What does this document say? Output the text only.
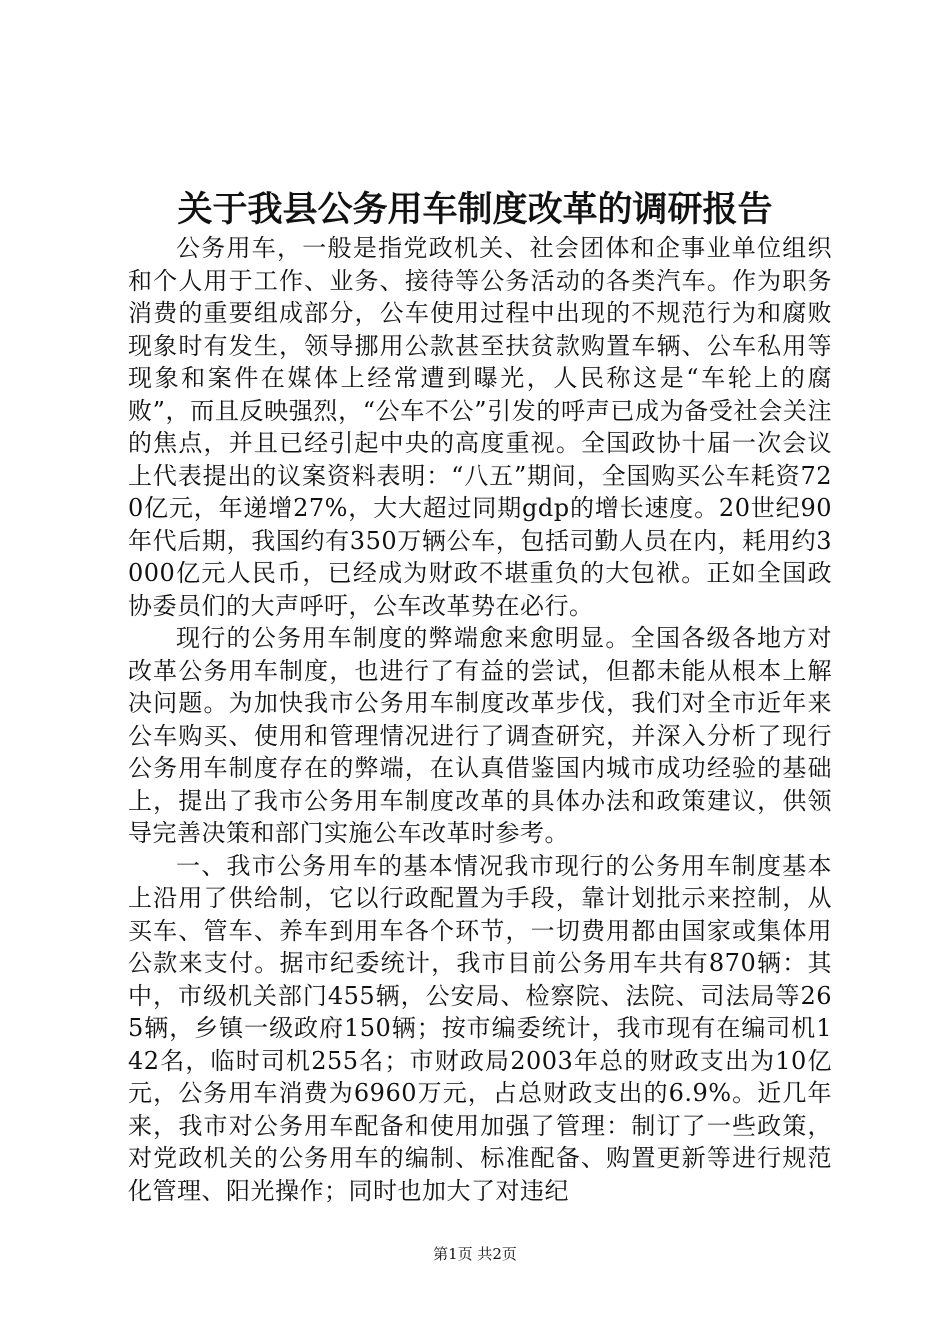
关于我县公务用车制度改革的调研报告

公务用车，一般是指党政机关、社会团体和企事业单位组织和个人用于工作、业务、接待等公务活动的各类汽车。作为职务消费的重要组成部分，公车使用过程中出现的不规范行为和腐败现象时有发生，领导挪用公款甚至扶贫款购置车辆、公车私用等现象和案件在媒体上经常遭到曝光，人民称这是“车轮上的腐败”，而且反映强烈，“公车不公”引发的呼声已成为备受社会关注的焦点，并且已经引起中央的高度重视。全国政协十届一次会议上代表提出的议案资料表明：“八五”期间，全国购买公车耗资720亿元，年递增27%，大大超过同期gdp的增长速度。20世纪90年代后期，我国约有350万辆公车，包括司勤人员在内，耗用约3000亿元人民币，已经成为财政不堪重负的大包袱。正如全国政协委员们的大声呼吁，公车改革势在必行。

现行的公务用车制度的弊端愈来愈明显。全国各级各地方对改革公务用车制度，也进行了有益的尝试，但都未能从根本上解决问题。为加快我市公务用车制度改革步伐，我们对全市近年来公车购买、使用和管理情况进行了调查研究，并深入分析了现行公务用车制度存在的弊端，在认真借鉴国内城市成功经验的基础上，提出了我市公务用车制度改革的具体办法和政策建议，供领导完善决策和部门实施公车改革时参考。

一、我市公务用车的基本情况我市现行的公务用车制度基本上沿用了供给制，它以行政配置为手段，靠计划批示来控制，从买车、管车、养车到用车各个环节，一切费用都由国家或集体用公款来支付。据市纪委统计，我市目前公务用车共有870辆：其中，市级机关部门455辆，公安局、检察院、法院、司法局等265辆，乡镇一级政府150辆；按市编委统计，我市现有在编司机142名，临时司机255名；市财政局2003年总的财政支出为10亿元，公务用车消费为6960万元，占总财政支出的6.9%。近几年来，我市对公务用车配备和使用加强了管理：制订了一些政策，对党政机关的公务用车的编制、标准配备、购置更新等进行规范化管理、阳光操作；同时也加大了对违纪

第1页 共2页
